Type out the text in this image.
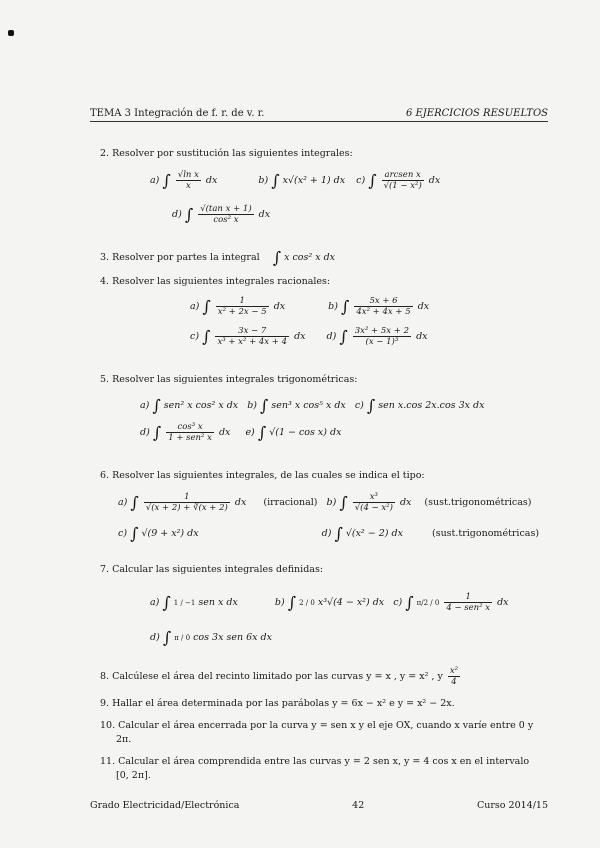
TEMA 3 Integración de f. r. de v. r.	6 EJERCICIOS RESUELTOS
2. Resolver por sustitución las siguientes integrales:
a) ∫ $\frac{\text{√ln x}}{x}$ dx	b) ∫ x√(x² + 1) dx c) ∫ $\frac{\text{arcsen x}}{\text{√(1 − x²)}}$ dx
d) ∫ $\frac{\text{√(tan x + 1)}}{\text{cos² x}}$ dx
3. Resolver por partes la integral ∫ x cos² x dx
4. Resolver las siguientes integrales racionales:
a) ∫ $\frac{1}{\text{x² + 2x − 5}}$ dx	b) ∫ $\frac{5x + 6}{\text{4x² + 4x + 5}}$ dx
c) ∫ $\frac{3x - 7}{\text{x³ + x² + 4x + 4}}$ dx d) ∫ $\frac{\text{3x² + 5x + 2}}{\text{(x − 1)³}}$ dx
5. Resolver las siguientes integrales trigonométricas:
a) ∫ sen² x cos² x dx b) ∫ sen³ x cos⁵ x dx c) ∫ sen x.cos 2x.cos 3x dx
d) ∫ $\frac{\text{cos³ x}}{\text{1 + sen² x}}$ dx e) ∫ √(1 − cos x) dx
6. Resolver las siguientes integrales, de las cuales se indica el tipo:
a) ∫ $\frac{1}{√(x + 2) + ∛(x + 2)}$ dx (irracional) b) ∫ $\frac{\text{x³}}{\text{√(4 − x²)}}$ dx (sust.trigonométricas)
c) ∫ √(9 + x²) dx	d) ∫ √(x² − 2) dx	(sust.trigonométricas)
7. Calcular las siguientes integrales definidas:
a) ∫ 1 / −1 sen x dx	b) ∫ 2 / 0 x³√(4 − x²) dx c) ∫ $\pi/2 / 0 \frac{1}{\text{4 − sen² x}}$ dx
d) ∫ π / 0 cos 3x sen 6x dx
8. Calcúlese el área del recinto limitado por las curvas y = x , y = x² , y $\frac{\text{x²}}{4}$
9. Hallar el área determinada por las parábolas y = 6x − x² e y = x² − 2x.
10. Calcular el área encerrada por la curva y = sen x y el eje OX, cuando x varíe entre 0 y
2π.
11. Calcular el área comprendida entre las curvas y = 2 sen x, y = 4 cos x en el intervalo
[0, 2π].
Grado Electricidad/Electrónica	42	Curso 2014/15
